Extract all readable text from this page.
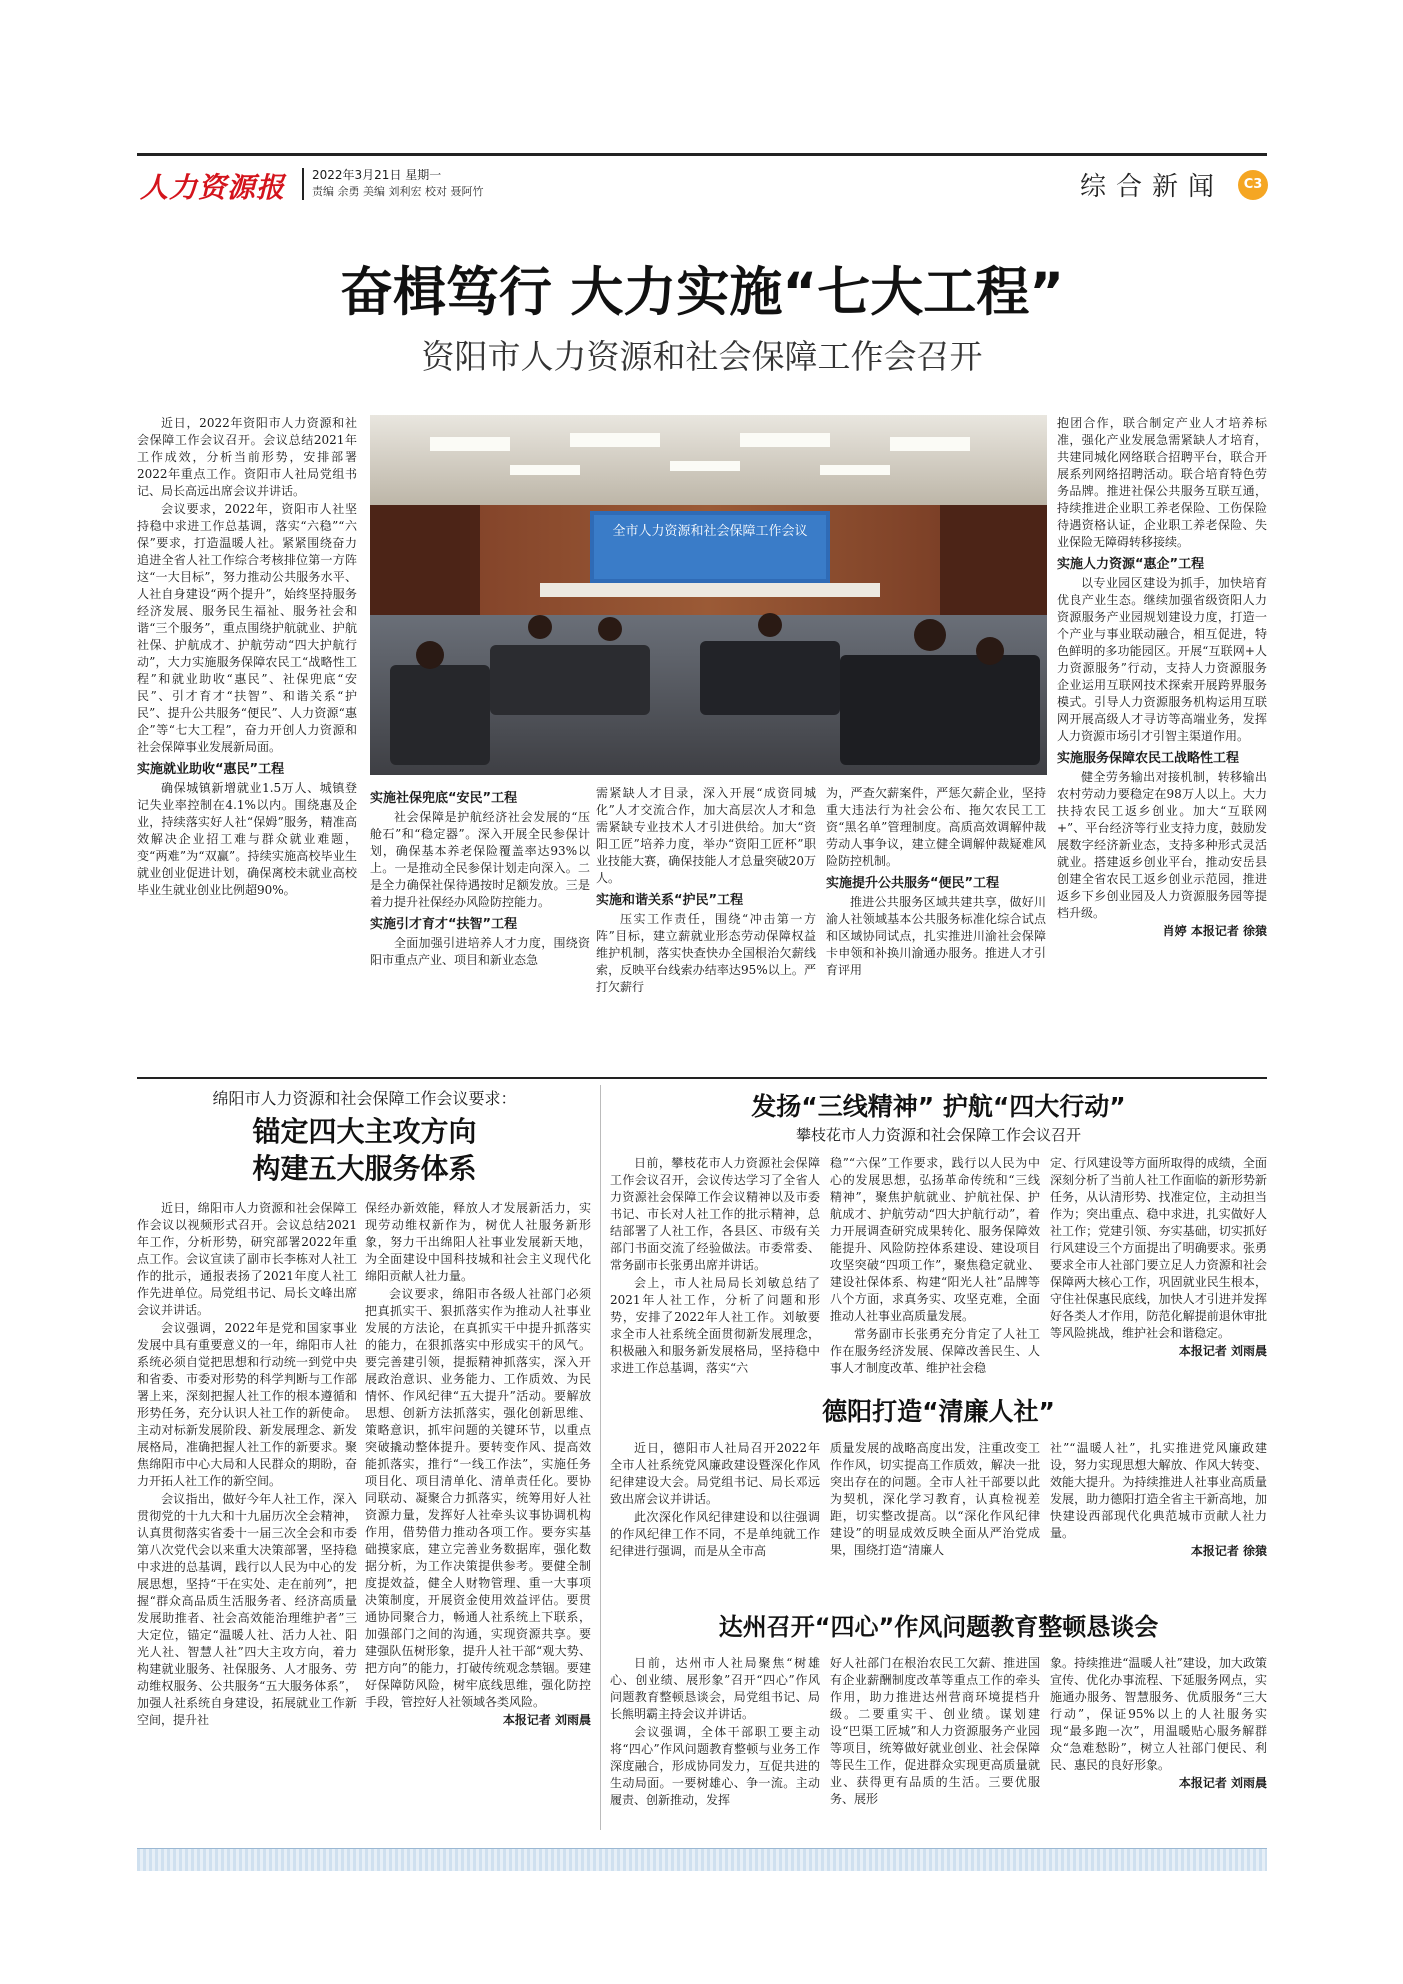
人力资源报 2022年3月21日 星期一
责编 余勇 美编 刘利宏 校对 聂阿竹	综合新闻	C3
奋楫笃行 大力实施“七大工程”
资阳市人力资源和社会保障工作会召开
全市人力资源和社会保障工作会议

近日，2022年资阳市人力资源和社会保障工作会议召开。会议总结2021年工作成效，分析当前形势，安排部署2022年重点工作。资阳市人社局党组书记、局长高远出席会议并讲话。

会议要求，2022年，资阳市人社坚持稳中求进工作总基调，落实“六稳”“六保”要求，打造温暖人社。紧紧围绕奋力追进全省人社工作综合考核排位第一方阵这“一大目标”，努力推动公共服务水平、人社自身建设“两个提升”，始终坚持服务经济发展、服务民生福祉、服务社会和谐“三个服务”，重点围绕护航就业、护航社保、护航成才、护航劳动“四大护航行动”，大力实施服务保障农民工“战略性工程”和就业助收“惠民”、社保兜底“安民”、引才育才“扶智”、和谐关系“护民”、提升公共服务“便民”、人力资源“惠企”等“七大工程”，奋力开创人力资源和社会保障事业发展新局面。

实施就业助收“惠民”工程

确保城镇新增就业1.5万人、城镇登记失业率控制在4.1%以内。围绕惠及企业，持续落实好人社“保姆”服务，精准高效解决企业招工难与群众就业难题，变“两难”为“双赢”。持续实施高校毕业生就业创业促进计划，确保离校未就业高校毕业生就业创业比例超90%。

实施社保兜底“安民”工程

社会保障是护航经济社会发展的“压舱石”和“稳定器”。深入开展全民参保计划，确保基本养老保险覆盖率达93%以上。一是推动全民参保计划走向深入。二是全力确保社保待遇按时足额发放。三是着力提升社保经办风险防控能力。

实施引才育才“扶智”工程

全面加强引进培养人才力度，围绕资阳市重点产业、项目和新业态急

需紧缺人才目录，深入开展“成资同城化”人才交流合作，加大高层次人才和急需紧缺专业技术人才引进供给。加大“资阳工匠”培养力度，举办“资阳工匠杯”职业技能大赛，确保技能人才总量突破20万人。

实施和谐关系“护民”工程

压实工作责任，围绕“冲击第一方阵”目标，建立薪就业形态劳动保障权益维护机制，落实快查快办全国根治欠薪线索，反映平台线索办结率达95%以上。严打欠薪行

为，严查欠薪案件，严惩欠薪企业，坚持重大违法行为社会公布、拖欠农民工工资“黑名单”管理制度。高质高效调解仲裁劳动人事争议，建立健全调解仲裁疑难风险防控机制。

实施提升公共服务“便民”工程

推进公共服务区域共建共享，做好川渝人社领域基本公共服务标准化综合试点和区域协同试点，扎实推进川渝社会保障卡申领和补换川渝通办服务。推进人才引育评用

抱团合作，联合制定产业人才培养标准，强化产业发展急需紧缺人才培育，共建同城化网络联合招聘平台，联合开展系列网络招聘活动。联合培育特色劳务品牌。推进社保公共服务互联互通，持续推进企业职工养老保险、工伤保险待遇资格认证，企业职工养老保险、失业保险无障碍转移接续。

实施人力资源“惠企”工程

以专业园区建设为抓手，加快培育优良产业生态。继续加强省级资阳人力资源服务产业园规划建设力度，打造一个产业与事业联动融合，相互促进，特色鲜明的多功能园区。开展“互联网+人力资源服务”行动，支持人力资源服务企业运用互联网技术探索开展跨界服务模式。引导人力资源服务机构运用互联网开展高级人才寻访等高端业务，发挥人力资源市场引才引智主渠道作用。

实施服务保障农民工战略性工程

健全劳务输出对接机制，转移输出农村劳动力要稳定在98万人以上。大力扶持农民工返乡创业。加大“互联网+”、平台经济等行业支持力度，鼓励发展数字经济新业态，支持多种形式灵活就业。搭建返乡创业平台，推动安岳县创建全省农民工返乡创业示范园，推进返乡下乡创业园及人力资源服务园等提档升级。

肖婷 本报记者 徐猿

绵阳市人力资源和社会保障工作会议要求：
锚定四大主攻方向
构建五大服务体系

近日，绵阳市人力资源和社会保障工作会议以视频形式召开。会议总结2021年工作，分析形势，研究部署2022年重点工作。会议宣读了副市长李栋对人社工作的批示，通报表扬了2021年度人社工作先进单位。局党组书记、局长文峰出席会议并讲话。

会议强调，2022年是党和国家事业发展中具有重要意义的一年，绵阳市人社系统必须自觉把思想和行动统一到党中央和省委、市委对形势的科学判断与工作部署上来，深刻把握人社工作的根本遵循和形势任务，充分认识人社工作的新使命。主动对标新发展阶段、新发展理念、新发展格局，准确把握人社工作的新要求。聚焦绵阳市中心大局和人民群众的期盼，奋力开拓人社工作的新空间。

会议指出，做好今年人社工作，深入贯彻党的十九大和十九届历次全会精神，认真贯彻落实省委十一届三次全会和市委第八次党代会以来重大决策部署，坚持稳中求进的总基调，践行以人民为中心的发展思想，坚持“干在实处、走在前列”，把握“群众高品质生活服务者、经济高质量发展助推者、社会高效能治理维护者”三大定位，锚定“温暖人社、活力人社、阳光人社、智慧人社”四大主攻方向，着力构建就业服务、社保服务、人才服务、劳动维权服务、公共服务“五大服务体系”，加强人社系统自身建设，拓展就业工作新空间，提升社

保经办新效能，释放人才发展新活力，实现劳动维权新作为，树优人社服务新形象，努力干出绵阳人社事业发展新天地，为全面建设中国科技城和社会主义现代化绵阳贡献人社力量。

会议要求，绵阳市各级人社部门必须把真抓实干、狠抓落实作为推动人社事业发展的方法论，在真抓实干中提升抓落实的能力，在狠抓落实中形成实干的风气。要完善建引领，提振精神抓落实，深入开展政治意识、业务能力、工作质效、为民情怀、作风纪律“五大提升”活动。要解放思想、创新方法抓落实，强化创新思维、策略意识，抓牢问题的关键环节，以重点突破撬动整体提升。要转变作风、提高效能抓落实，推行“一线工作法”，实施任务项目化、项目清单化、清单责任化。要协同联动、凝聚合力抓落实，统筹用好人社资源力量，发挥好人社牵头议事协调机构作用，借势借力推动各项工作。要夯实基础摸家底，建立完善业务数据库，强化数据分析，为工作决策提供参考。要健全制度提效益，健全人财物管理、重一大事项决策制度，开展资金使用效益评估。要贯通协同聚合力，畅通人社系统上下联系，加强部门之间的沟通，实现资源共享。要建强队伍树形象，提升人社干部“观大势、把方向”的能力，打破传统观念禁锢。要建好保障防风险，树牢底线思维，强化防控手段，管控好人社领域各类风险。

本报记者 刘雨晨

发扬“三线精神” 护航“四大行动”
攀枝花市人力资源和社会保障工作会议召开

日前，攀枝花市人力资源社会保障工作会议召开，会议传达学习了全省人力资源社会保障工作会议精神以及市委书记、市长对人社工作的批示精神，总结部署了人社工作，各县区、市级有关部门书面交流了经验做法。市委常委、常务副市长张勇出席并讲话。

会上，市人社局局长刘敏总结了2021年人社工作，分析了问题和形势，安排了2022年人社工作。刘敏要求全市人社系统全面贯彻新发展理念，积极融入和服务新发展格局，坚持稳中求进工作总基调，落实“六

稳”“六保”工作要求，践行以人民为中心的发展思想，弘扬革命传统和“三线精神”，聚焦护航就业、护航社保、护航成才、护航劳动“四大护航行动”，着力开展调查研究成果转化、服务保障效能提升、风险防控体系建设、建设项目攻坚突破“四项工作”，聚焦稳定就业、建设社保体系、构建“阳光人社”品牌等八个方面，求真务实、攻坚克难，全面推动人社事业高质量发展。

常务副市长张勇充分肯定了人社工作在服务经济发展、保障改善民生、人事人才制度改革、维护社会稳

定、行风建设等方面所取得的成绩，全面深刻分析了当前人社工作面临的新形势新任务，从认清形势、找准定位，主动担当作为；突出重点、稳中求进，扎实做好人社工作；党建引领、夯实基础，切实抓好行风建设三个方面提出了明确要求。张勇要求全市人社部门要立足人力资源和社会保障两大核心工作，巩固就业民生根本，守住社保惠民底线，加快人才引进并发挥好各类人才作用，防范化解提前退休审批等风险挑战，维护社会和谐稳定。

本报记者 刘雨晨

德阳打造“清廉人社”

近日，德阳市人社局召开2022年全市人社系统党风廉政建设暨深化作风纪律建设大会。局党组书记、局长邓远致出席会议并讲话。

此次深化作风纪律建设和以往强调的作风纪律工作不同，不是单纯就工作纪律进行强调，而是从全市高

质量发展的战略高度出发，注重改变工作作风，切实提高工作质效，解决一批突出存在的问题。全市人社干部要以此为契机，深化学习教育，认真检视差距，切实整改提高。以“深化作风纪律建设”的明显成效反映全面从严治党成果，围绕打造“清廉人

社”“温暖人社”，扎实推进党风廉政建设，努力实现思想大解放、作风大转变、效能大提升。为持续推进人社事业高质量发展，助力德阳打造全省主干新高地，加快建设西部现代化典范城市贡献人社力量。

本报记者 徐猿

达州召开“四心”作风问题教育整顿恳谈会

日前，达州市人社局聚焦“树雄心、创业绩、展形象”召开“四心”作风问题教育整顿恳谈会，局党组书记、局长熊明霸主持会议并讲话。

会议强调，全体干部职工要主动将“四心”作风问题教育整顿与业务工作深度融合，形成协同发力，互促共进的生动局面。一要树雄心、争一流。主动履责、创新推动，发挥

好人社部门在根治农民工欠薪、推进国有企业薪酬制度改革等重点工作的牵头作用，助力推进达州营商环境提档升级。二要重实干、创业绩。谋划建设“巴渠工匠城”和人力资源服务产业园等项目，统筹做好就业创业、社会保障等民生工作，促进群众实现更高质量就业、获得更有品质的生活。三要优服务、展形

象。持续推进“温暖人社”建设，加大政策宣传、优化办事流程、下延服务网点，实施通办服务、智慧服务、优质服务“三大行动”，保证95%以上的人社服务实现“最多跑一次”，用温暖贴心服务解群众“急难愁盼”，树立人社部门便民、利民、惠民的良好形象。

本报记者 刘雨晨
